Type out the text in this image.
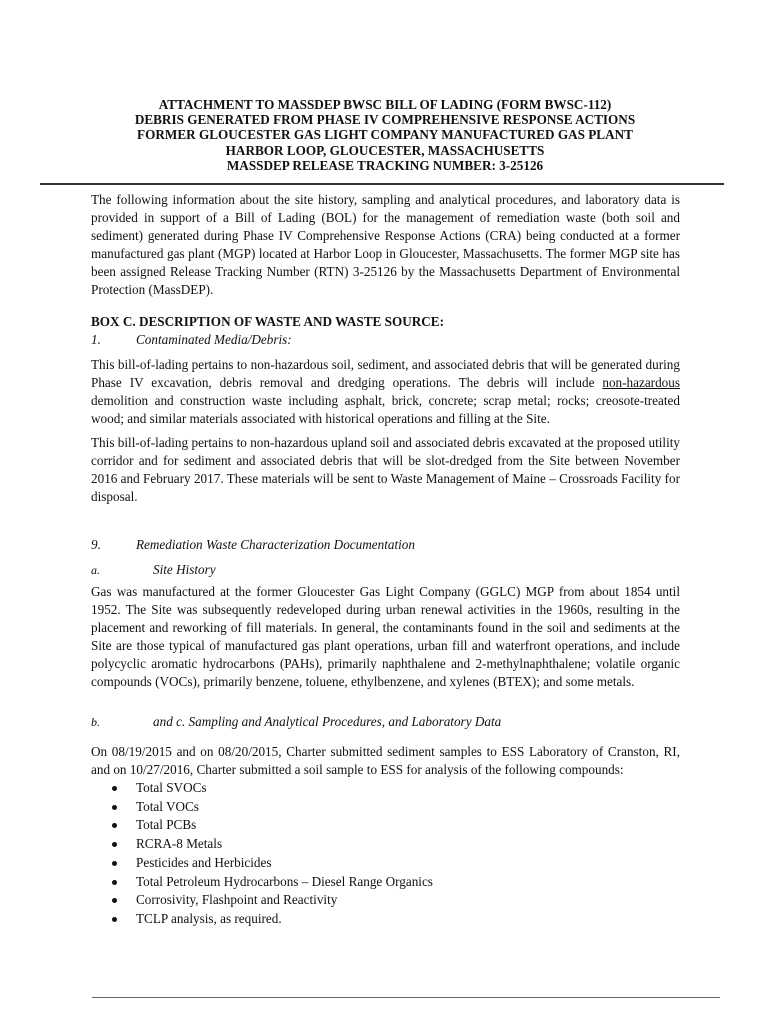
ATTACHMENT TO MASSDEP BWSC BILL OF LADING (FORM BWSC-112)
DEBRIS GENERATED FROM PHASE IV COMPREHENSIVE RESPONSE ACTIONS
FORMER GLOUCESTER GAS LIGHT COMPANY MANUFACTURED GAS PLANT
HARBOR LOOP, GLOUCESTER, MASSACHUSETTS
MASSDEP RELEASE TRACKING NUMBER: 3-25126
The following information about the site history, sampling and analytical procedures, and laboratory data is provided in support of a Bill of Lading (BOL) for the management of remediation waste (both soil and sediment) generated during Phase IV Comprehensive Response Actions (CRA) being conducted at a former manufactured gas plant (MGP) located at Harbor Loop in Gloucester, Massachusetts. The former MGP site has been assigned Release Tracking Number (RTN) 3-25126 by the Massachusetts Department of Environmental Protection (MassDEP).
BOX C. DESCRIPTION OF WASTE AND WASTE SOURCE:
1.	Contaminated Media/Debris:
This bill-of-lading pertains to non-hazardous soil, sediment, and associated debris that will be generated during Phase IV excavation, debris removal and dredging operations. The debris will include non-hazardous demolition and construction waste including asphalt, brick, concrete; scrap metal; rocks; creosote-treated wood; and similar materials associated with historical operations and filling at the Site.
This bill-of-lading pertains to non-hazardous upland soil and associated debris excavated at the proposed utility corridor and for sediment and associated debris that will be slot-dredged from the Site between November 2016 and February 2017. These materials will be sent to Waste Management of Maine – Crossroads Facility for disposal.
9.	Remediation Waste Characterization Documentation
a.	Site History
Gas was manufactured at the former Gloucester Gas Light Company (GGLC) MGP from about 1854 until 1952. The Site was subsequently redeveloped during urban renewal activities in the 1960s, resulting in the placement and reworking of fill materials. In general, the contaminants found in the soil and sediments at the Site are those typical of manufactured gas plant operations, urban fill and waterfront operations, and include polycyclic aromatic hydrocarbons (PAHs), primarily naphthalene and 2-methylnaphthalene; volatile organic compounds (VOCs), primarily benzene, toluene, ethylbenzene, and xylenes (BTEX); and some metals.
b.	and c. Sampling and Analytical Procedures, and Laboratory Data
On 08/19/2015 and on 08/20/2015, Charter submitted sediment samples to ESS Laboratory of Cranston, RI, and on 10/27/2016, Charter submitted a soil sample to ESS for analysis of the following compounds:
Total SVOCs
Total VOCs
Total PCBs
RCRA-8 Metals
Pesticides and Herbicides
Total Petroleum Hydrocarbons – Diesel Range Organics
Corrosivity, Flashpoint and Reactivity
TCLP analysis, as required.
